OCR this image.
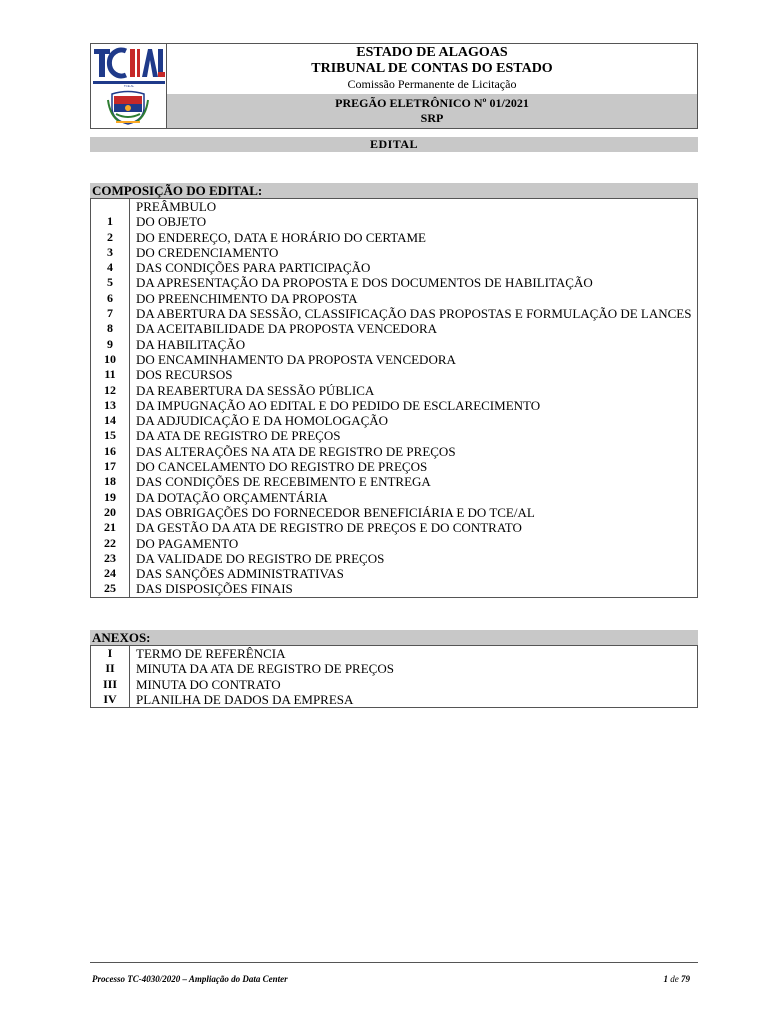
TCE AL
ESTADO DE ALAGOAS
TRIBUNAL DE CONTAS DO ESTADO
Comissão Permanente de Licitação
PREGÃO ELETRÔNICO Nº 01/2021
SRP
EDITAL
COMPOSIÇÃO DO EDITAL:
	PREÂMBULO
1	DO OBJETO
2	DO ENDEREÇO, DATA E HORÁRIO DO CERTAME
3	DO CREDENCIAMENTO
4	DAS CONDIÇÕES PARA PARTICIPAÇÃO
5	DA APRESENTAÇÃO DA PROPOSTA E DOS DOCUMENTOS DE HABILITAÇÃO
6	DO PREENCHIMENTO DA PROPOSTA
7	DA ABERTURA DA SESSÃO, CLASSIFICAÇÃO DAS PROPOSTAS E FORMULAÇÃO DE LANCES
8	DA ACEITABILIDADE DA PROPOSTA VENCEDORA
9	DA HABILITAÇÃO
10	DO ENCAMINHAMENTO DA PROPOSTA VENCEDORA
11	DOS RECURSOS
12	DA REABERTURA DA SESSÃO PÚBLICA
13	DA IMPUGNAÇÃO AO EDITAL E DO PEDIDO DE ESCLARECIMENTO
14	DA ADJUDICAÇÃO E DA HOMOLOGAÇÃO
15	DA ATA DE REGISTRO DE PREÇOS
16	DAS ALTERAÇÕES NA ATA DE REGISTRO DE PREÇOS
17	DO CANCELAMENTO DO REGISTRO DE PREÇOS
18	DAS CONDIÇÕES DE RECEBIMENTO E ENTREGA
19	DA DOTAÇÃO ORÇAMENTÁRIA
20	DAS OBRIGAÇÕES DO FORNECEDOR BENEFICIÁRIA E DO TCE/AL
21	DA GESTÃO DA ATA DE REGISTRO DE PREÇOS E DO CONTRATO
22	DO PAGAMENTO
23	DA VALIDADE DO REGISTRO DE PREÇOS
24	DAS SANÇÕES ADMINISTRATIVAS
25	DAS DISPOSIÇÕES FINAIS
ANEXOS:
I	TERMO DE REFERÊNCIA
II	MINUTA DA ATA DE REGISTRO DE PREÇOS
III	MINUTA DO CONTRATO
IV	PLANILHA DE DADOS DA EMPRESA
Processo TC-4030/2020 – Ampliação do Data Center	1 de 79
